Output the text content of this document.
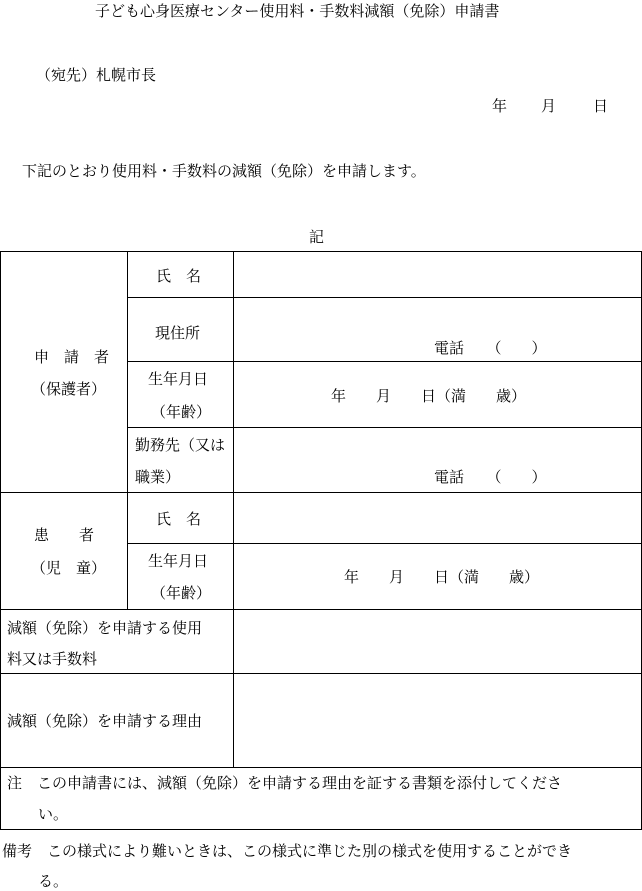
子ども心身医療センター使用料・手数料減額（免除）申請書
（宛先）札幌市長
年 月 日
下記のとおり使用料・手数料の減額（免除）を申請します。
記
申　請　者
（保護者）
氏　名
現住所
電話　　（　　）
生年月日
（年齢）
年　　月　　日（満　　歳）
勤務先（又は
職業）	電話　　（　　）
患　　者
（児　童）
氏　名
生年月日
（年齢）
年　　月　　日（満　　歳）
減額（免除）を申請する使用
料又は手数料
減額（免除）を申請する理由
注　この申請書には、減額（免除）を申請する理由を証する書類を添付してくださ
い。
備考　この様式により難いときは、この様式に準じた別の様式を使用することができ
る。
